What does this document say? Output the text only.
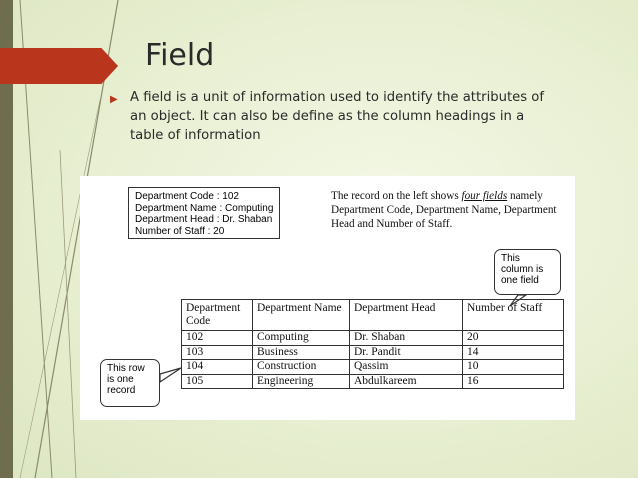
Field
▶ A field is a unit of information used to identify the attributes of an object. It can also be define as the column headings in a table of information
Department Code : 102
Department Name : Computing
Department Head : Dr. Shaban
Number of Staff : 20
The record on the left shows four fields namely Department Code, Department Name, Department Head and Number of Staff.
This
column is
one field
Department Code	Department Name	Department Head	Number of Staff
102	Computing	Dr. Shaban	20
103	Business	Dr. Pandit	14
104	Construction	Qassim	10
105	Engineering	Abdulkareem	16
This row
is one
record
